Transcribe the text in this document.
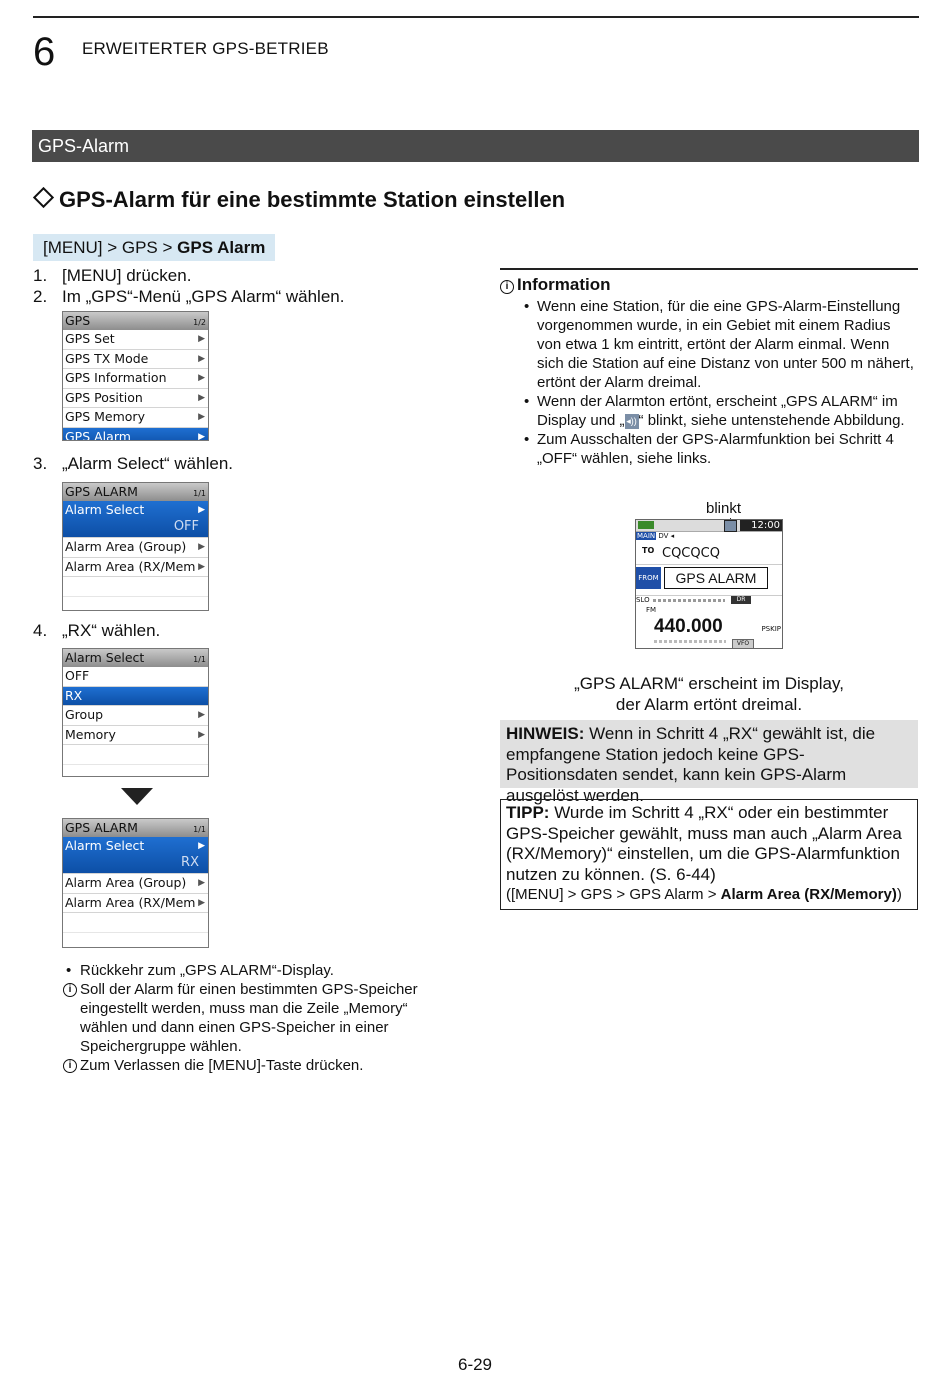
6 ERWEITERTER GPS-BETRIEB
GPS-Alarm
GPS-Alarm für eine bestimmte Station einstellen
[MENU] > GPS > GPS Alarm
1. [MENU] drücken.
2. Im „GPS“-Menü „GPS Alarm“ wählen.
GPS	1/2
GPS Set	▶
GPS TX Mode	▶
GPS Information	▶
GPS Position	▶
GPS Memory	▶
GPS Alarm	▶
3. „Alarm Select“ wählen.
GPS ALARM	1/1
Alarm Select	▶
OFF
Alarm Area (Group) ▶
Alarm Area (RX/Mem ▶
4. „RX“ wählen.
Alarm Select	1/1
OFF
RX
Group	▶
Memory	▶
GPS ALARM	1/1
Alarm Select	▶
RX
Alarm Area (Group) ▶
Alarm Area (RX/Mem ▶
• Rückkehr zum „GPS ALARM“-Display.
i Soll der Alarm für einen bestimmten GPS-Speicher eingestellt werden, muss man die Zeile „Memory“ wählen und dann einen GPS-Speicher in einer Speichergruppe wählen.
i Zum Verlassen die [MENU]-Taste drücken.
i Information
• Wenn eine Station, für die eine GPS-Alarm-Einstellung vorgenommen wurde, in ein Gebiet mit einem Radius von etwa 1 km eintritt, ertönt der Alarm einmal. Wenn sich die Station auf eine Distanz von unter 500 m nähert, ertönt der Alarm dreimal.
• Wenn der Alarmton ertönt, erscheint „GPS ALARM“ im Display und „ ◂)) “ blinkt, siehe untenstehende Abbildung.
• Zum Ausschalten der GPS-Alarmfunktion bei Schritt 4 „OFF“ wählen, siehe links.
blinkt
12:00
MAIN DV ◂
TO CQCQCQ
FROM	GPS ALARM
SLO	DR
FM
440.000	PSKIP
VFO
„GPS ALARM“ erscheint im Display,
der Alarm ertönt dreimal.
HINWEIS: Wenn in Schritt 4 „RX“ gewählt ist, die empfangene Station jedoch keine GPS-Positionsdaten sendet, kann kein GPS-Alarm ausgelöst werden.
TIPP: Wurde im Schritt 4 „RX“ oder ein bestimmter GPS-Speicher gewählt, muss man auch „Alarm Area (RX/Memory)“ einstellen, um die GPS-Alarmfunktion nutzen zu können. (S. 6-44)
([MENU] > GPS > GPS Alarm > Alarm Area (RX/Memory))
6-29
